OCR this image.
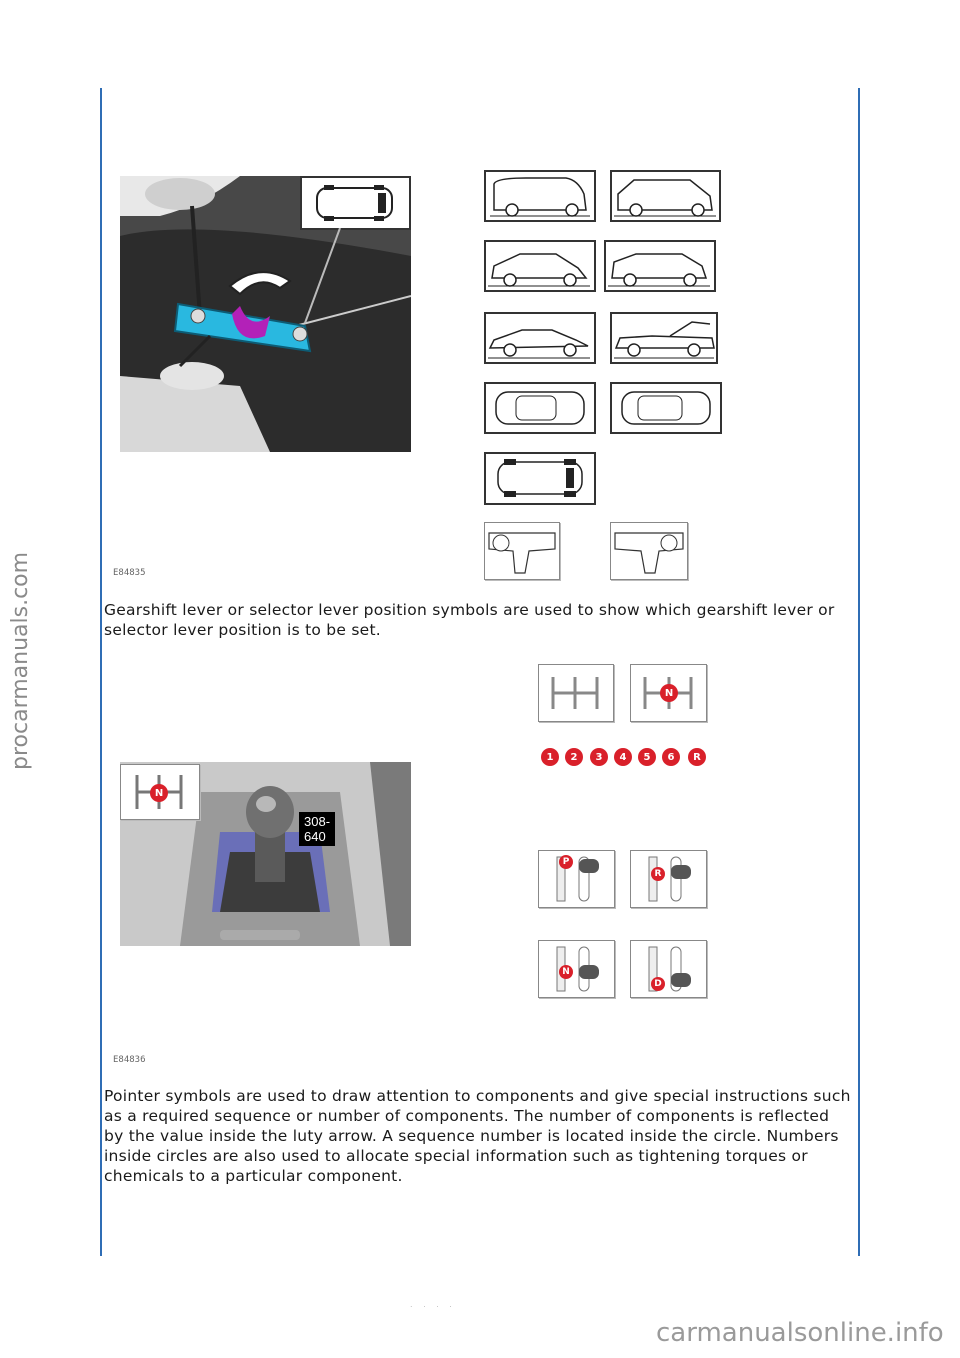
procarmanuals.com	E84835
Gearshift lever or selector lever position symbols are used to show which gearshift lever or selector lever position is to be set.
N
308-640
N
1	2	3	4	5	6	R
P
R
N
D
E84836
Pointer symbols are used to draw attention to components and give special instructions such as a required sequence or number of components. The number of components is reflected by the value inside the luty arrow. A sequence number is located inside the circle. Numbers inside circles are also used to allocate special information such as tightening torques or chemicals to a particular component.
. . . .
carmanualsonline.info
